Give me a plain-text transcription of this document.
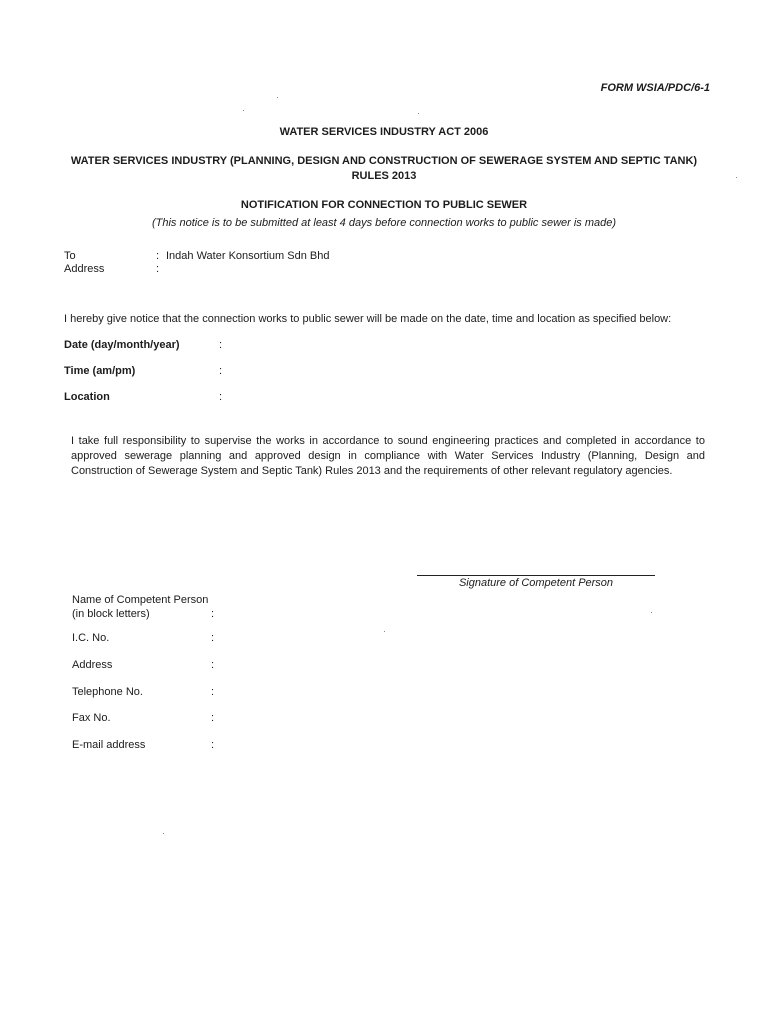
FORM WSIA/PDC/6-1
WATER SERVICES INDUSTRY ACT 2006
WATER SERVICES INDUSTRY (PLANNING, DESIGN AND CONSTRUCTION OF SEWERAGE SYSTEM AND SEPTIC TANK) RULES 2013
NOTIFICATION FOR CONNECTION TO PUBLIC SEWER
(This notice is to be submitted at least 4 days before connection works to public sewer is made)
To	: Indah Water Konsortium Sdn Bhd
Address	:
I hereby give notice that the connection works to public sewer will be made on the date, time and location as specified below:
Date (day/month/year)	:
Time (am/pm)	:
Location	:
I take full responsibility to supervise the works in accordance to sound engineering practices and completed in accordance to approved sewerage planning and approved design in compliance with Water Services Industry (Planning, Design and Construction of Sewerage System and Septic Tank) Rules 2013 and the requirements of other relevant regulatory agencies.
Signature of Competent Person
Name of Competent Person
(in block letters)	:
I.C. No.	:
Address	:
Telephone No.	:
Fax No.	:
E-mail address	:
